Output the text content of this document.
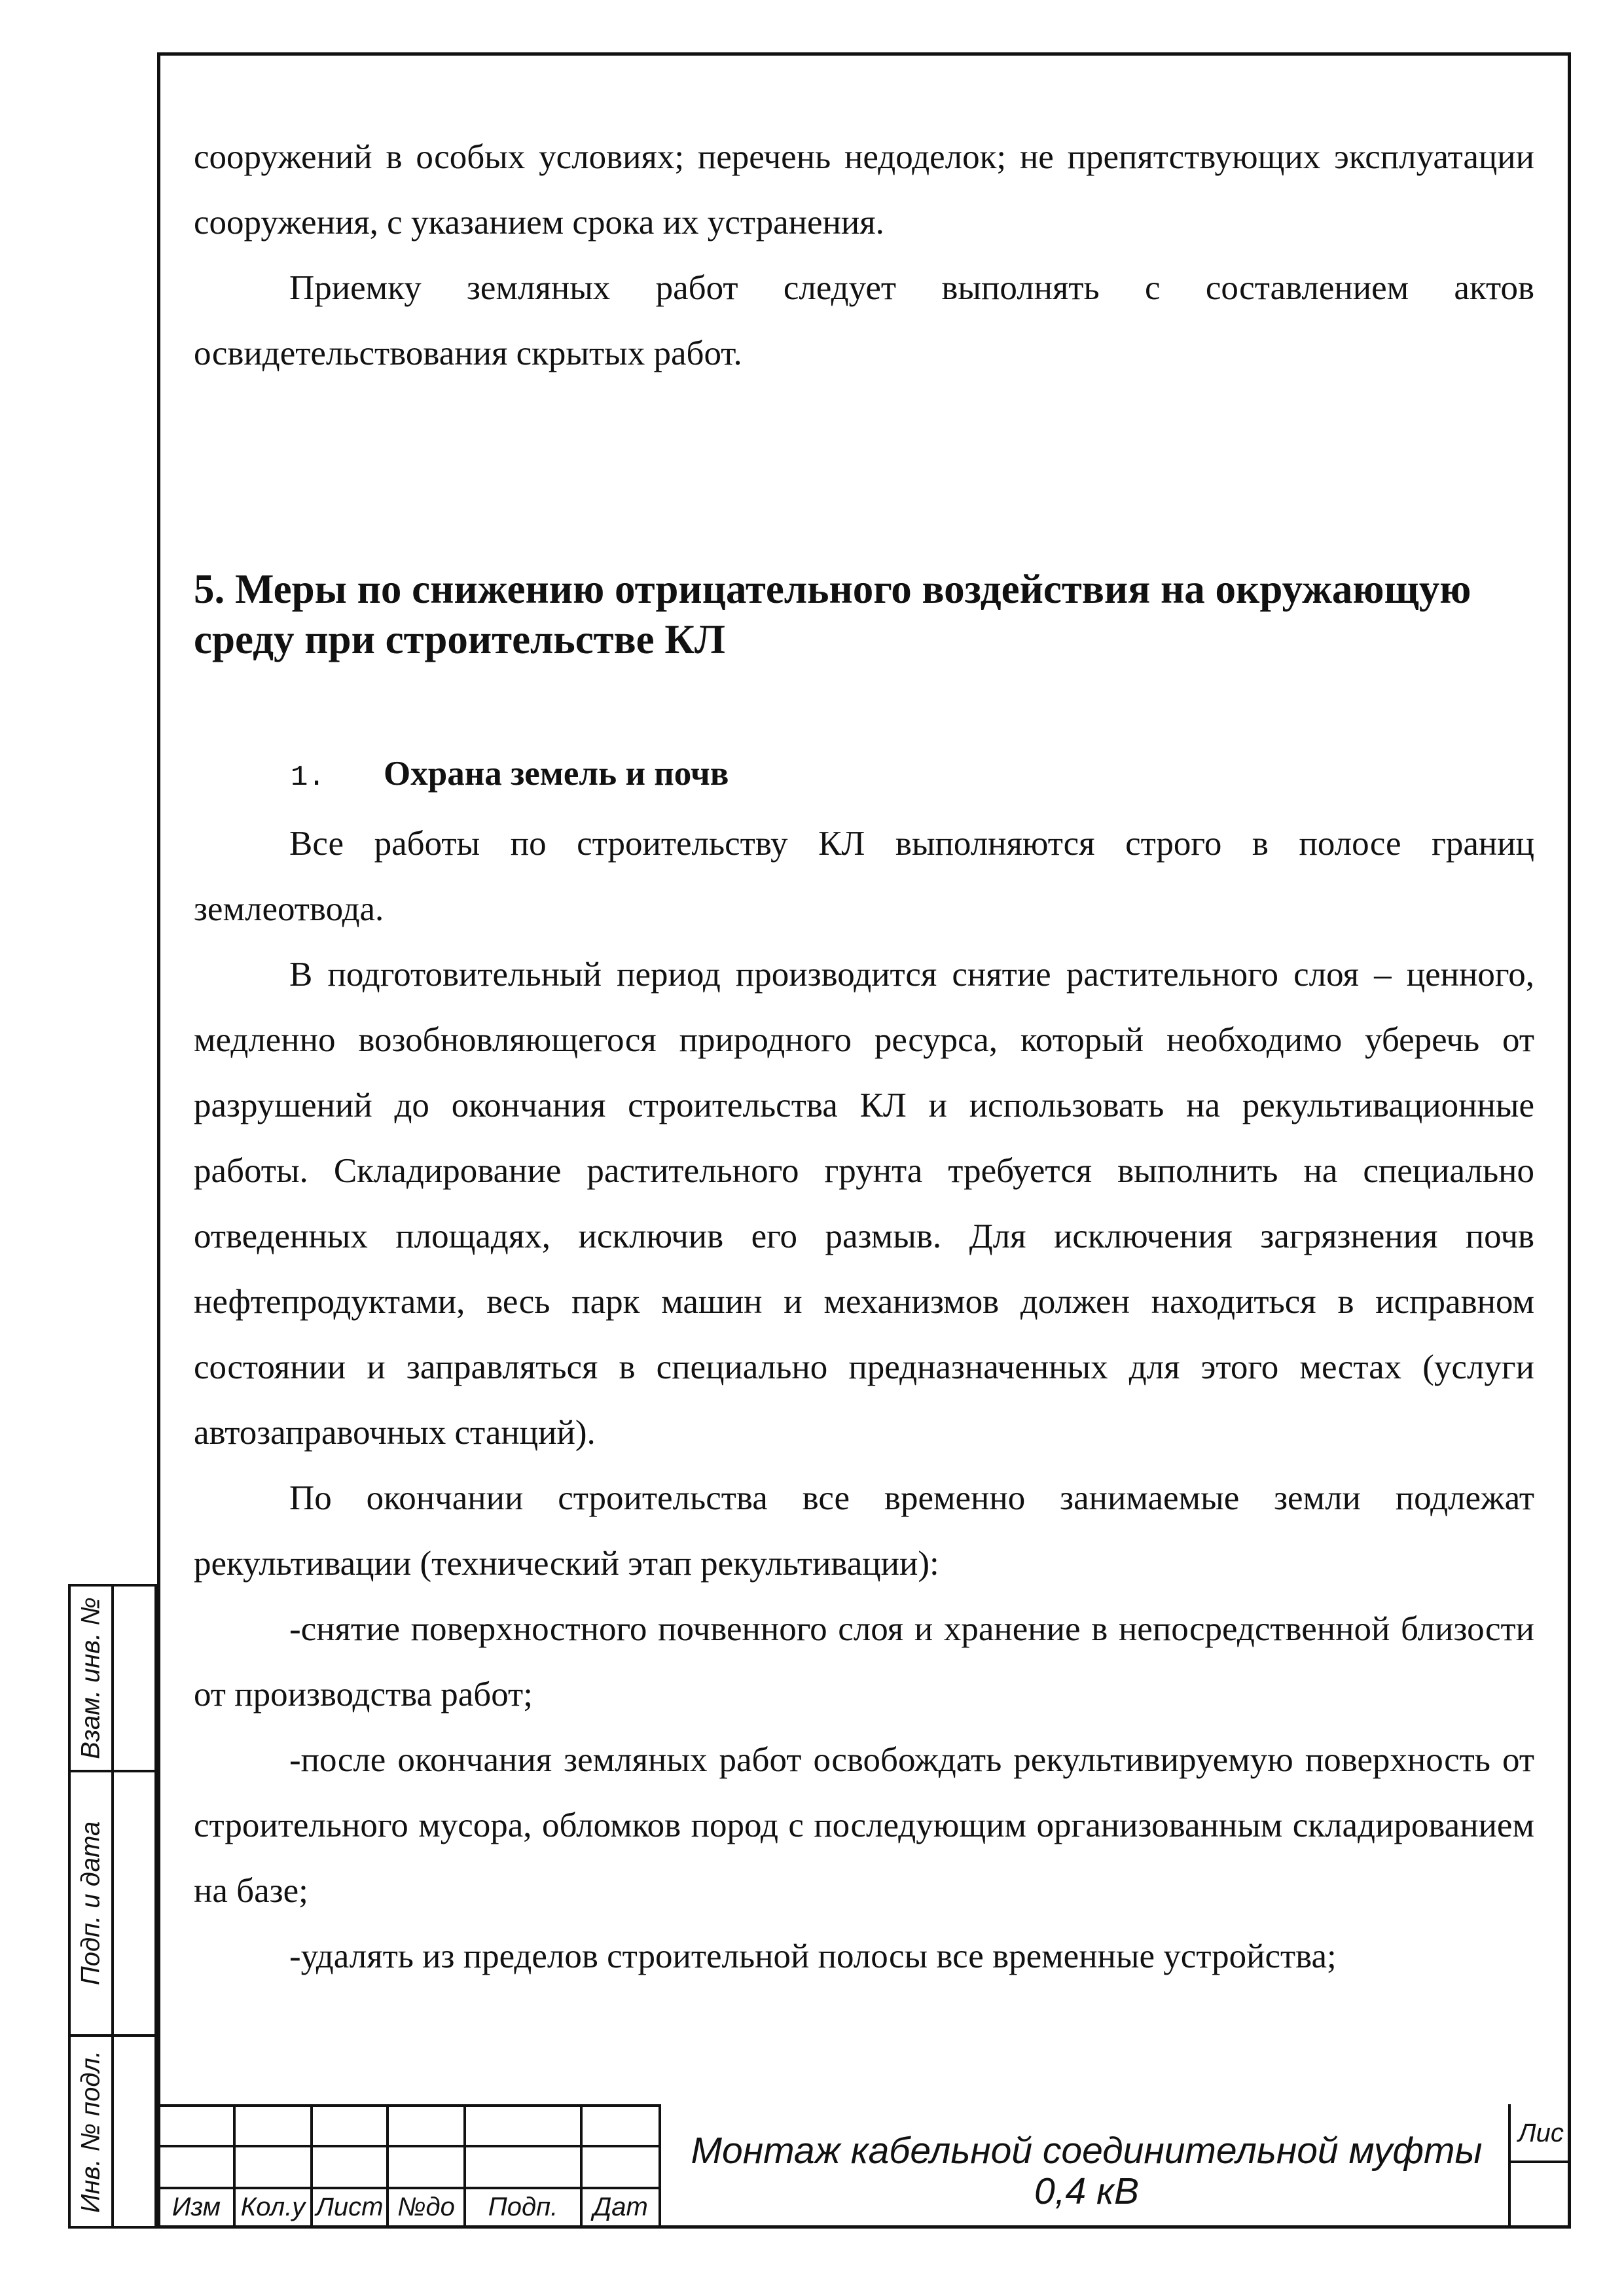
сооружений в особых условиях; перечень недоделок; не препятствующих эксплуатации сооружения, с указанием срока их устранения.

Приемку земляных работ следует выполнять с составлением актов освидетельствования скрытых работ.

5. Меры по снижению отрицательного воздействия на окружающую среду при строительстве КЛ
1. Охрана земель и почв

Все работы по строительству КЛ выполняются строго в полосе границ землеотвода.

В подготовительный период производится снятие растительного слоя – ценного, медленно возобновляющегося природного ресурса, который необходимо уберечь от разрушений до окончания строительства КЛ и использовать на рекультивационные работы. Складирование растительного грунта требуется выполнить на специально отведенных площадях, исключив его размыв. Для исключения загрязнения почв нефтепродуктами, весь парк машин и механизмов должен находиться в исправном состоянии и заправляться в специально предназначенных для этого местах (услуги автозаправочных станций).

По окончании строительства все временно занимаемые земли подлежат рекультивации (технический этап рекультивации):

-снятие поверхностного почвенного слоя и хранение в непосредственной близости от производства работ;

-после окончания земляных работ освобождать рекультивируемую поверхность от строительного мусора, обломков пород с последующим организованным складированием на базе;

-удалять из пределов строительной полосы все временные устройства;

Взам. инв. №
Подп. и дата
Инв. № подл.	Изм Кол.у Лист №до	Подп.	Дат
Монтаж кабельной соединительной муфты
0,4 кВ
Лис
